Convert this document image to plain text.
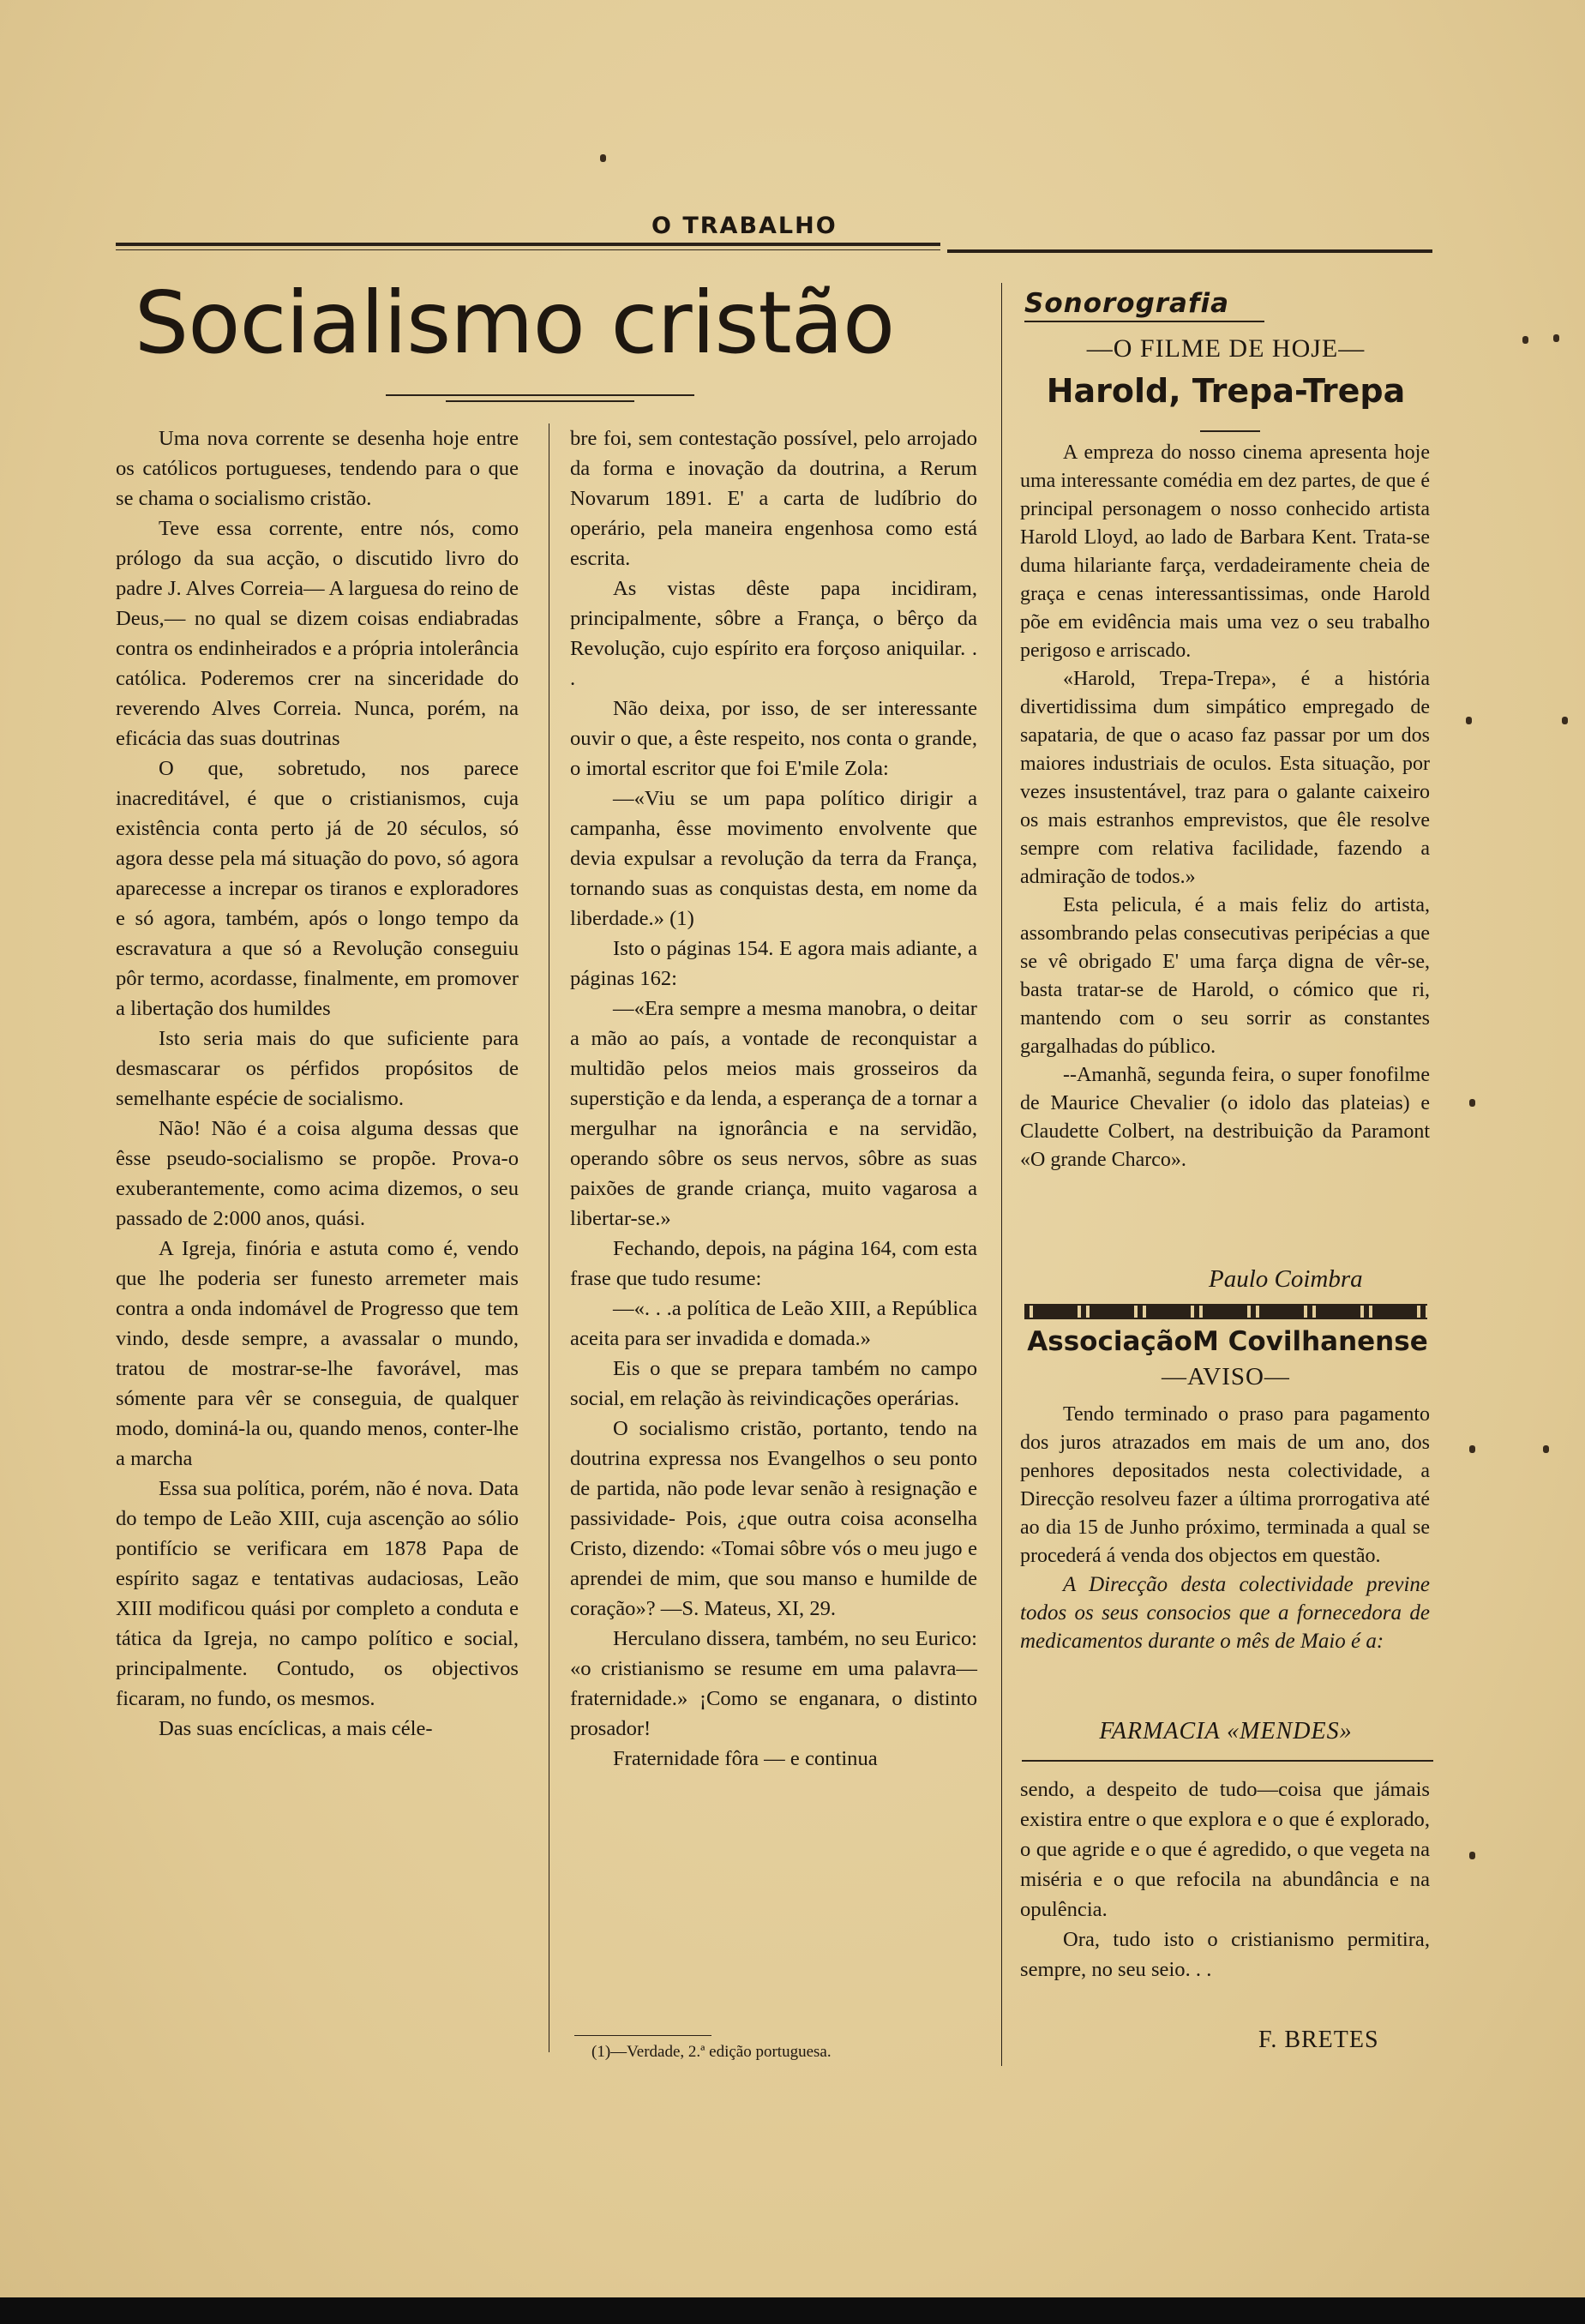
O TRABALHO
Socialismo cristão

Uma nova corrente se desenha hoje entre os católicos portugueses, tendendo para o que se chama o socialismo cristão.

Teve essa corrente, entre nós, como prólogo da sua acção, o discutido livro do padre J. Alves Correia— A larguesa do reino de Deus,— no qual se dizem coisas endiabradas contra os endinheirados e a própria intolerância católica. Poderemos crer na sinceridade do reverendo Alves Correia. Nunca, porém, na eficácia das suas doutrinas

O que, sobretudo, nos parece inacreditável, é que o cristianismos, cuja existência conta perto já de 20 séculos, só agora desse pela má situação do povo, só agora aparecesse a increpar os tiranos e exploradores e só agora, também, após o longo tempo da escravatura a que só a Revolução conseguiu pôr termo, acordasse, finalmente, em promover a libertação dos humildes

Isto seria mais do que suficiente para desmascarar os pérfidos propósitos de semelhante espécie de socialismo.

Não! Não é a coisa alguma dessas que êsse pseudo-socialismo se propõe. Prova-o exuberantemente, como acima dizemos, o seu passado de 2:000 anos, quási.

A Igreja, finória e astuta como é, vendo que lhe poderia ser funesto arremeter mais contra a onda indomável de Progresso que tem vindo, desde sempre, a avassalar o mundo, tratou de mostrar-se-lhe favorável, mas sómente para vêr se conseguia, de qualquer modo, dominá-la ou, quando menos, conter-lhe a marcha

Essa sua política, porém, não é nova. Data do tempo de Leão XIII, cuja ascenção ao sólio pontifício se verificara em 1878 Papa de espírito sagaz e tentativas audaciosas, Leão XIII modificou quási por completo a conduta e tática da Igreja, no campo político e social, principalmente. Contudo, os objectivos ficaram, no fundo, os mesmos.

Das suas encíclicas, a mais céle-

bre foi, sem contestação possível, pelo arrojado da forma e inovação da doutrina, a Rerum Novarum 1891. E' a carta de ludíbrio do operário, pela maneira engenhosa como está escrita.

As vistas dêste papa incidiram, principalmente, sôbre a França, o bêrço da Revolução, cujo espírito era forçoso aniquilar. . .

Não deixa, por isso, de ser interessante ouvir o que, a êste respeito, nos conta o grande, o imortal escritor que foi E'mile Zola:

—«Viu se um papa político dirigir a campanha, êsse movimento envolvente que devia expulsar a revolução da terra da França, tornando suas as conquistas desta, em nome da liberdade.» (1)

Isto o páginas 154. E agora mais adiante, a páginas 162:

—«Era sempre a mesma manobra, o deitar a mão ao país, a vontade de reconquistar a multidão pelos meios mais grosseiros da superstição e da lenda, a esperança de a tornar a mergulhar na ignorância e na servidão, operando sôbre os seus nervos, sôbre as suas paixões de grande criança, muito vagarosa a libertar-se.»

Fechando, depois, na página 164, com esta frase que tudo resume:

—«. . .a política de Leão XIII, a República aceita para ser invadida e domada.»

Eis o que se prepara também no campo social, em relação às reivindicações operárias.

O socialismo cristão, portanto, tendo na doutrina expressa nos Evangelhos o seu ponto de partida, não pode levar senão à resignação e passividade- Pois, ¿que outra coisa aconselha Cristo, dizendo: «Tomai sôbre vós o meu jugo e aprendei de mim, que sou manso e humilde de coração»? —S. Mateus, XI, 29.

Herculano dissera, também, no seu Eurico: «o cristianismo se resume em uma palavra—fraternidade.» ¡Como se enganara, o distinto prosador!

Fraternidade fôra — e continua

(1)—Verdade, 2.ª edição portuguesa.
Sonorografia
—O FILME DE HOJE—
Harold, Trepa-Trepa

A empreza do nosso cinema apresenta hoje uma interessante comédia em dez partes, de que é principal personagem o nosso conhecido artista Harold Lloyd, ao lado de Barbara Kent. Trata-se duma hilariante farça, verdadeiramente cheia de graça e cenas interessantissimas, onde Harold põe em evidência mais uma vez o seu trabalho perigoso e arriscado.

«Harold, Trepa-Trepa», é a história divertidissima dum simpático empregado de sapataria, de que o acaso faz passar por um dos maiores industriais de oculos. Esta situação, por vezes insustentável, traz para o galante caixeiro os mais estranhos emprevistos, que êle resolve sempre com relativa facilidade, fazendo a admiração de todos.»

Esta pelicula, é a mais feliz do artista, assombrando pelas consecutivas peripécias a que se vê obrigado E' uma farça digna de vêr-se, basta tratar-se de Harold, o cómico que ri, mantendo com o seu sorrir as constantes gargalhadas do público.

--Amanhã, segunda feira, o super fonofilme de Maurice Chevalier (o idolo das plateias) e Claudette Colbert, na destribuição da Paramont «O grande Charco».

Paulo Coimbra
AssociaçãoM Covilhanense
—AVISO—

Tendo terminado o praso para pagamento dos juros atrazados em mais de um ano, dos penhores depositados nesta colectividade, a Direcção resolveu fazer a última prorrogativa até ao dia 15 de Junho próximo, terminada a qual se procederá á venda dos objectos em questão.

A Direcção desta colectividade previne todos os seus consocios que a fornecedora de medicamentos durante o mês de Maio é a:

FARMACIA «MENDES»

sendo, a despeito de tudo—coisa que jámais existira entre o que explora e o que é explorado, o que agride e o que é agredido, o que vegeta na miséria e o que refocila na abundância e na opulência.

Ora, tudo isto o cristianismo permitira, sempre, no seu seio. . .

F. BRETES
